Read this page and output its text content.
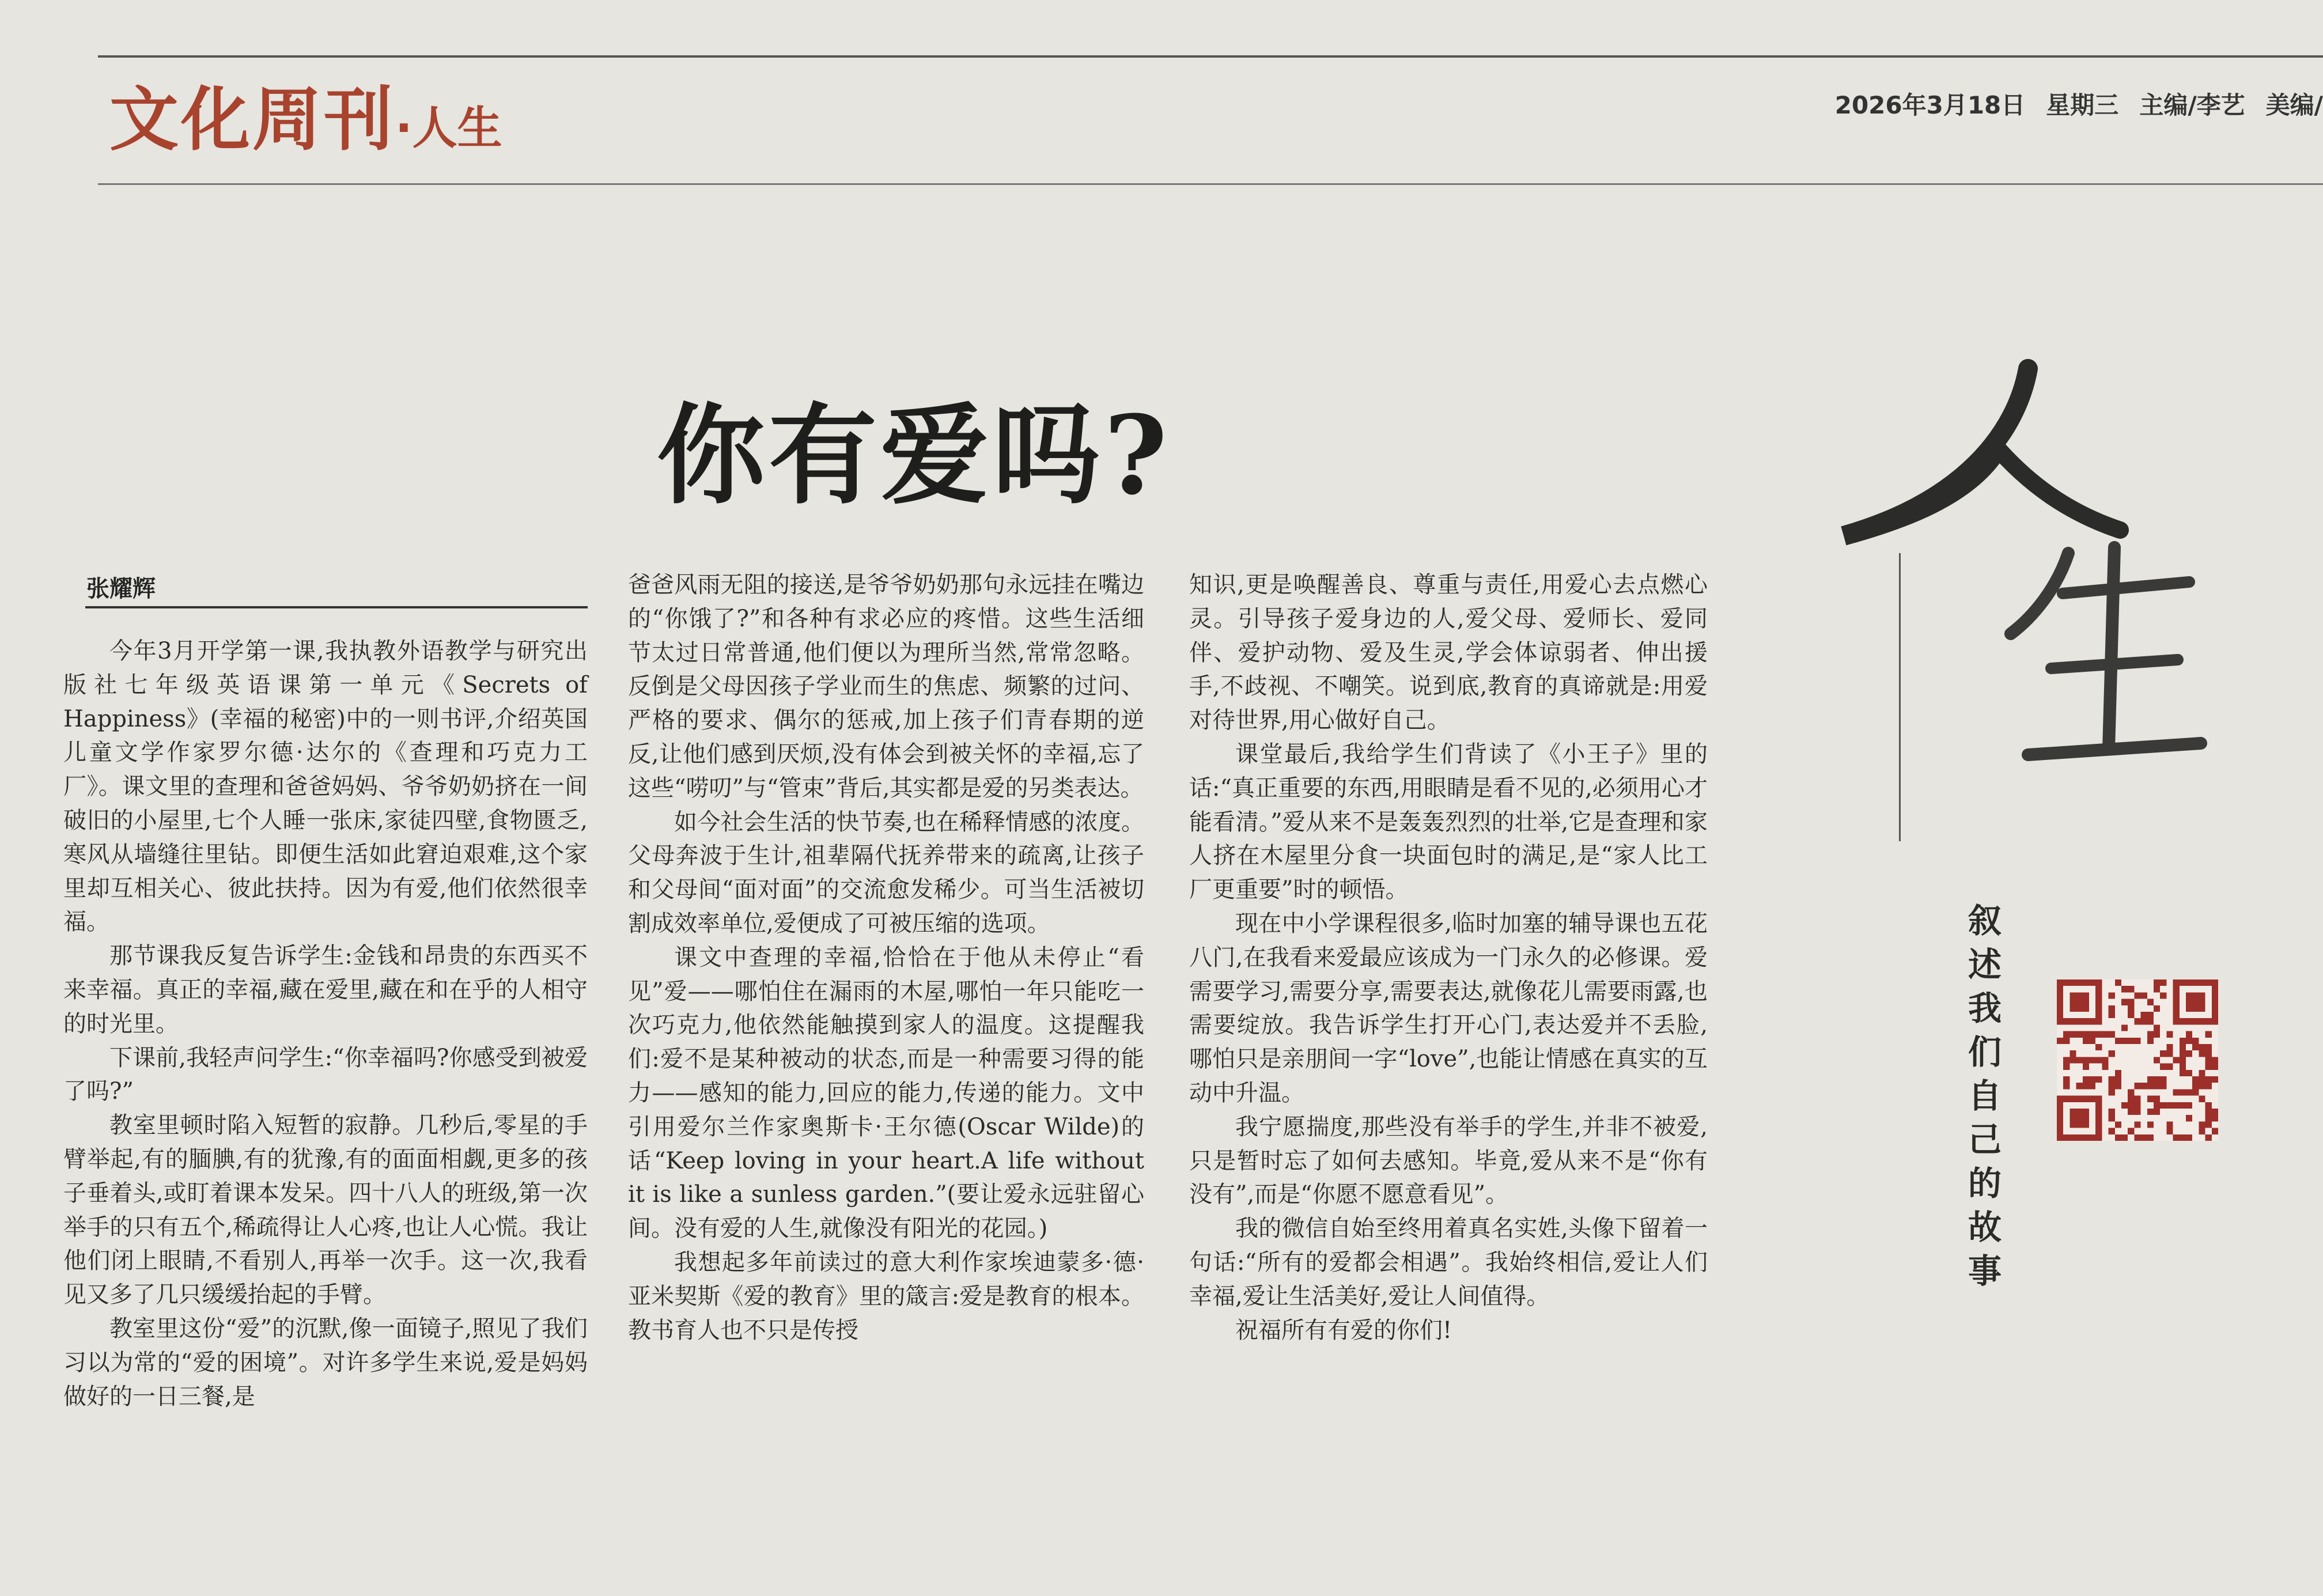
文化周刊·人生	2026年3月18日 星期三 主编/李艺 美编/
你有爱吗?
张耀辉

今年3月开学第一课,我执教外语教学与研究出版社七年级英语课第一单元《Secrets of Happiness》(幸福的秘密)中的一则书评,介绍英国儿童文学作家罗尔德·达尔的《查理和巧克力工厂》。课文里的查理和爸爸妈妈、爷爷奶奶挤在一间破旧的小屋里,七个人睡一张床,家徒四壁,食物匮乏,寒风从墙缝往里钻。即便生活如此窘迫艰难,这个家里却互相关心、彼此扶持。因为有爱,他们依然很幸福。

那节课我反复告诉学生:金钱和昂贵的东西买不来幸福。真正的幸福,藏在爱里,藏在和在乎的人相守的时光里。

下课前,我轻声问学生:“你幸福吗?你感受到被爱了吗?”

教室里顿时陷入短暂的寂静。几秒后,零星的手臂举起,有的腼腆,有的犹豫,有的面面相觑,更多的孩子垂着头,或盯着课本发呆。四十八人的班级,第一次举手的只有五个,稀疏得让人心疼,也让人心慌。我让他们闭上眼睛,不看别人,再举一次手。这一次,我看见又多了几只缓缓抬起的手臂。

教室里这份“爱”的沉默,像一面镜子,照见了我们习以为常的“爱的困境”。对许多学生来说,爱是妈妈做好的一日三餐,是

爸爸风雨无阻的接送,是爷爷奶奶那句永远挂在嘴边的“你饿了?”和各种有求必应的疼惜。这些生活细节太过日常普通,他们便以为理所当然,常常忽略。反倒是父母因孩子学业而生的焦虑、频繁的过问、严格的要求、偶尔的惩戒,加上孩子们青春期的逆反,让他们感到厌烦,没有体会到被关怀的幸福,忘了这些“唠叨”与“管束”背后,其实都是爱的另类表达。

如今社会生活的快节奏,也在稀释情感的浓度。父母奔波于生计,祖辈隔代抚养带来的疏离,让孩子和父母间“面对面”的交流愈发稀少。可当生活被切割成效率单位,爱便成了可被压缩的选项。

课文中查理的幸福,恰恰在于他从未停止“看见”爱——哪怕住在漏雨的木屋,哪怕一年只能吃一次巧克力,他依然能触摸到家人的温度。这提醒我们:爱不是某种被动的状态,而是一种需要习得的能力——感知的能力,回应的能力,传递的能力。文中引用爱尔兰作家奥斯卡·王尔德(Oscar Wilde)的话“Keep loving in your heart.A life without it is like a sunless garden.”(要让爱永远驻留心间。没有爱的人生,就像没有阳光的花园。)

我想起多年前读过的意大利作家埃迪蒙多·德·亚米契斯《爱的教育》里的箴言:爱是教育的根本。教书育人也不只是传授

知识,更是唤醒善良、尊重与责任,用爱心去点燃心灵。引导孩子爱身边的人,爱父母、爱师长、爱同伴、爱护动物、爱及生灵,学会体谅弱者、伸出援手,不歧视、不嘲笑。说到底,教育的真谛就是:用爱对待世界,用心做好自己。

课堂最后,我给学生们背读了《小王子》里的话:“真正重要的东西,用眼睛是看不见的,必须用心才能看清。”爱从来不是轰轰烈烈的壮举,它是查理和家人挤在木屋里分食一块面包时的满足,是“家人比工厂更重要”时的顿悟。

现在中小学课程很多,临时加塞的辅导课也五花八门,在我看来爱最应该成为一门永久的必修课。爱需要学习,需要分享,需要表达,就像花儿需要雨露,也需要绽放。我告诉学生打开心门,表达爱并不丢脸,哪怕只是亲朋间一字“love”,也能让情感在真实的互动中升温。

我宁愿揣度,那些没有举手的学生,并非不被爱,只是暂时忘了如何去感知。毕竟,爱从来不是“你有没有”,而是“你愿不愿意看见”。

我的微信自始至终用着真名实姓,头像下留着一句话:“所有的爱都会相遇”。我始终相信,爱让人们幸福,爱让生活美好,爱让人间值得。

祝福所有有爱的你们!

叙述我们自己的故事
